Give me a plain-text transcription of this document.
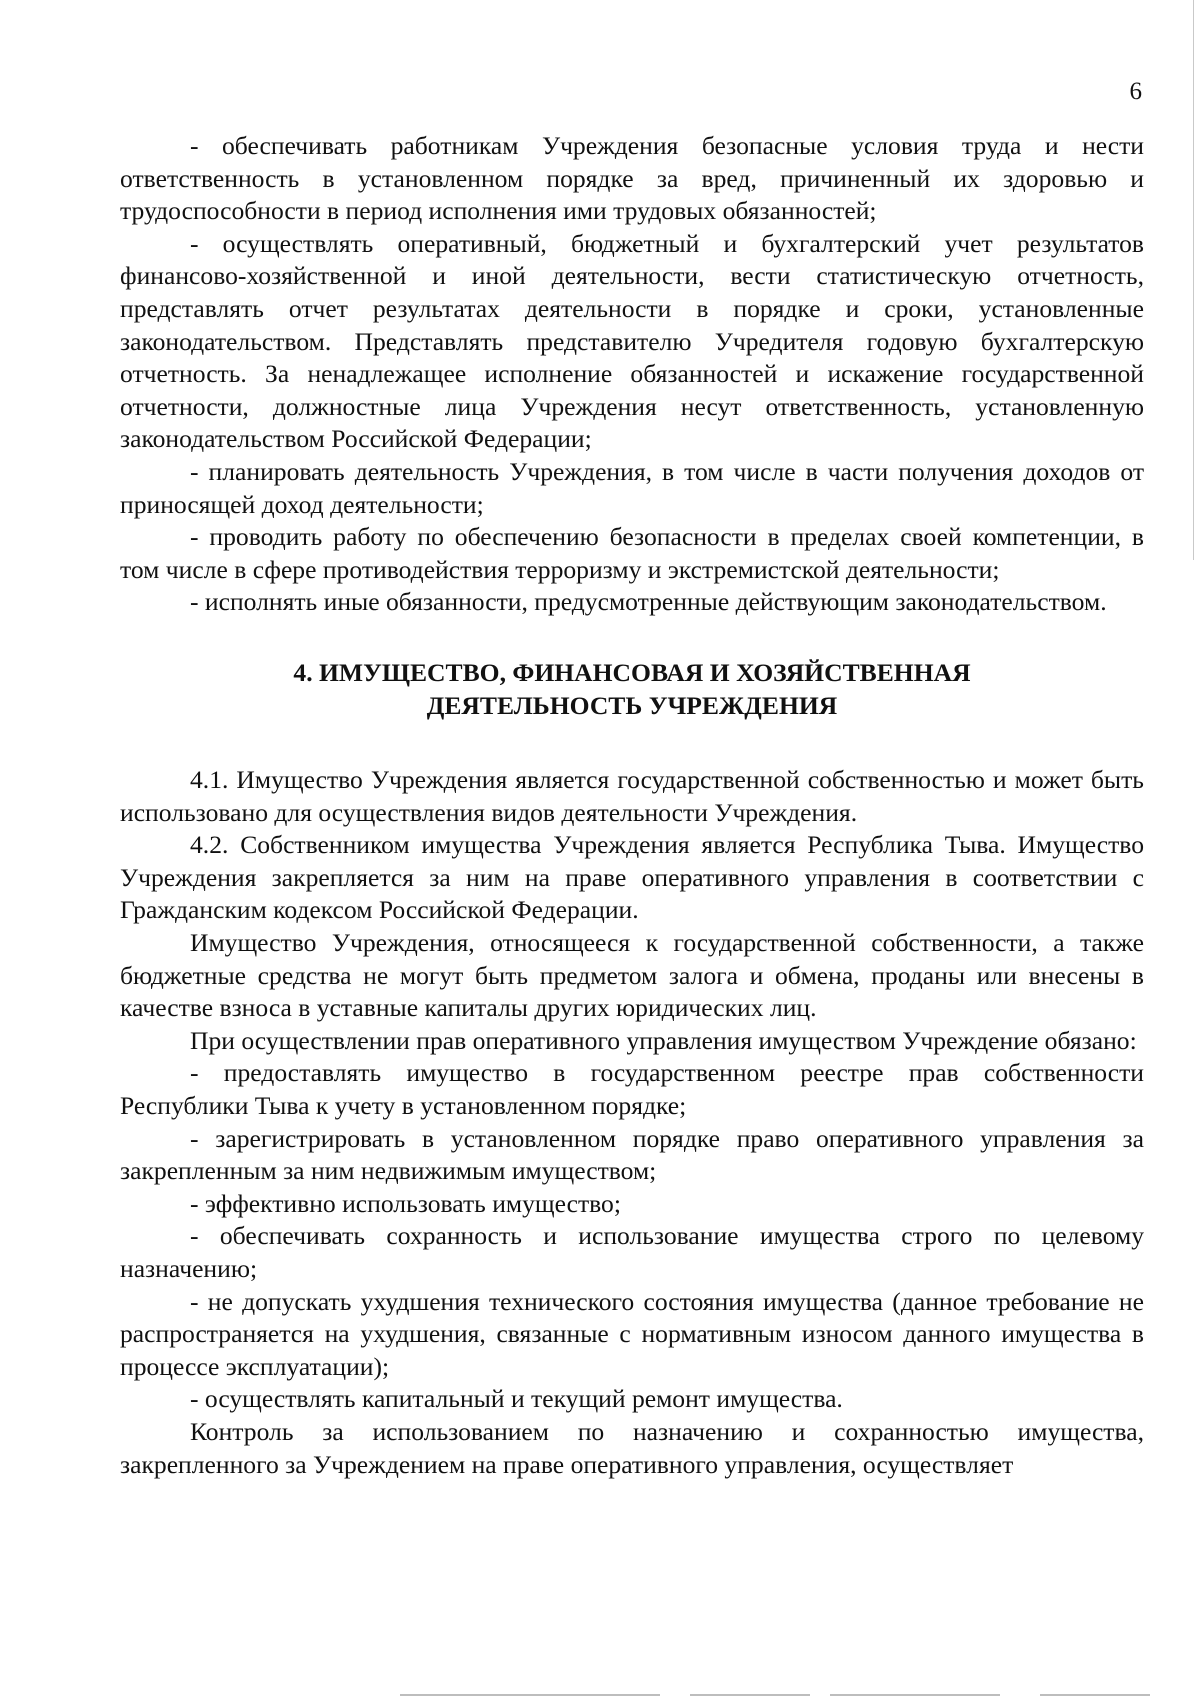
6

- обеспечивать работникам Учреждения безопасные условия труда и нести ответственность в установленном порядке за вред, причиненный их здоровью и трудоспособности в период исполнения ими трудовых обязанностей;

- осуществлять оперативный, бюджетный и бухгалтерский учет результатов финансово-хозяйственной и иной деятельности, вести статистическую отчетность, представлять отчет результатах деятельности в порядке и сроки, установленные законодательством. Представлять представителю Учредителя годовую бухгалтерскую отчетность. За ненадлежащее исполнение обязанностей и искажение государственной отчетности, должностные лица Учреждения несут ответственность, установленную законодательством Российской Федерации;

- планировать деятельность Учреждения, в том числе в части получения доходов от приносящей доход деятельности;

- проводить работу по обеспечению безопасности в пределах своей компетенции, в том числе в сфере противодействия терроризму и экстремистской деятельности;

- исполнять иные обязанности, предусмотренные действующим законодательством.

4. ИМУЩЕСТВО, ФИНАНСОВАЯ И ХОЗЯЙСТВЕННАЯ
ДЕЯТЕЛЬНОСТЬ УЧРЕЖДЕНИЯ

4.1. Имущество Учреждения является государственной собственностью и может быть использовано для осуществления видов деятельности Учреждения.

4.2. Собственником имущества Учреждения является Республика Тыва. Имущество Учреждения закрепляется за ним на праве оперативного управления в соответствии с Гражданским кодексом Российской Федерации.

Имущество Учреждения, относящееся к государственной собственности, а также бюджетные средства не могут быть предметом залога и обмена, проданы или внесены в качестве взноса в уставные капиталы других юридических лиц.

При осуществлении прав оперативного управления имуществом Учреждение обязано:

- предоставлять имущество в государственном реестре прав собственности Республики Тыва к учету в установленном порядке;

- зарегистрировать в установленном порядке право оперативного управления за закрепленным за ним недвижимым имуществом;

- эффективно использовать имущество;

- обеспечивать сохранность и использование имущества строго по целевому назначению;

- не допускать ухудшения технического состояния имущества (данное требование не распространяется на ухудшения, связанные с нормативным износом данного имущества в процессе эксплуатации);

- осуществлять капитальный и текущий ремонт имущества.

Контроль за использованием по назначению и сохранностью имущества, закрепленного за Учреждением на праве оперативного управления, осуществляет
